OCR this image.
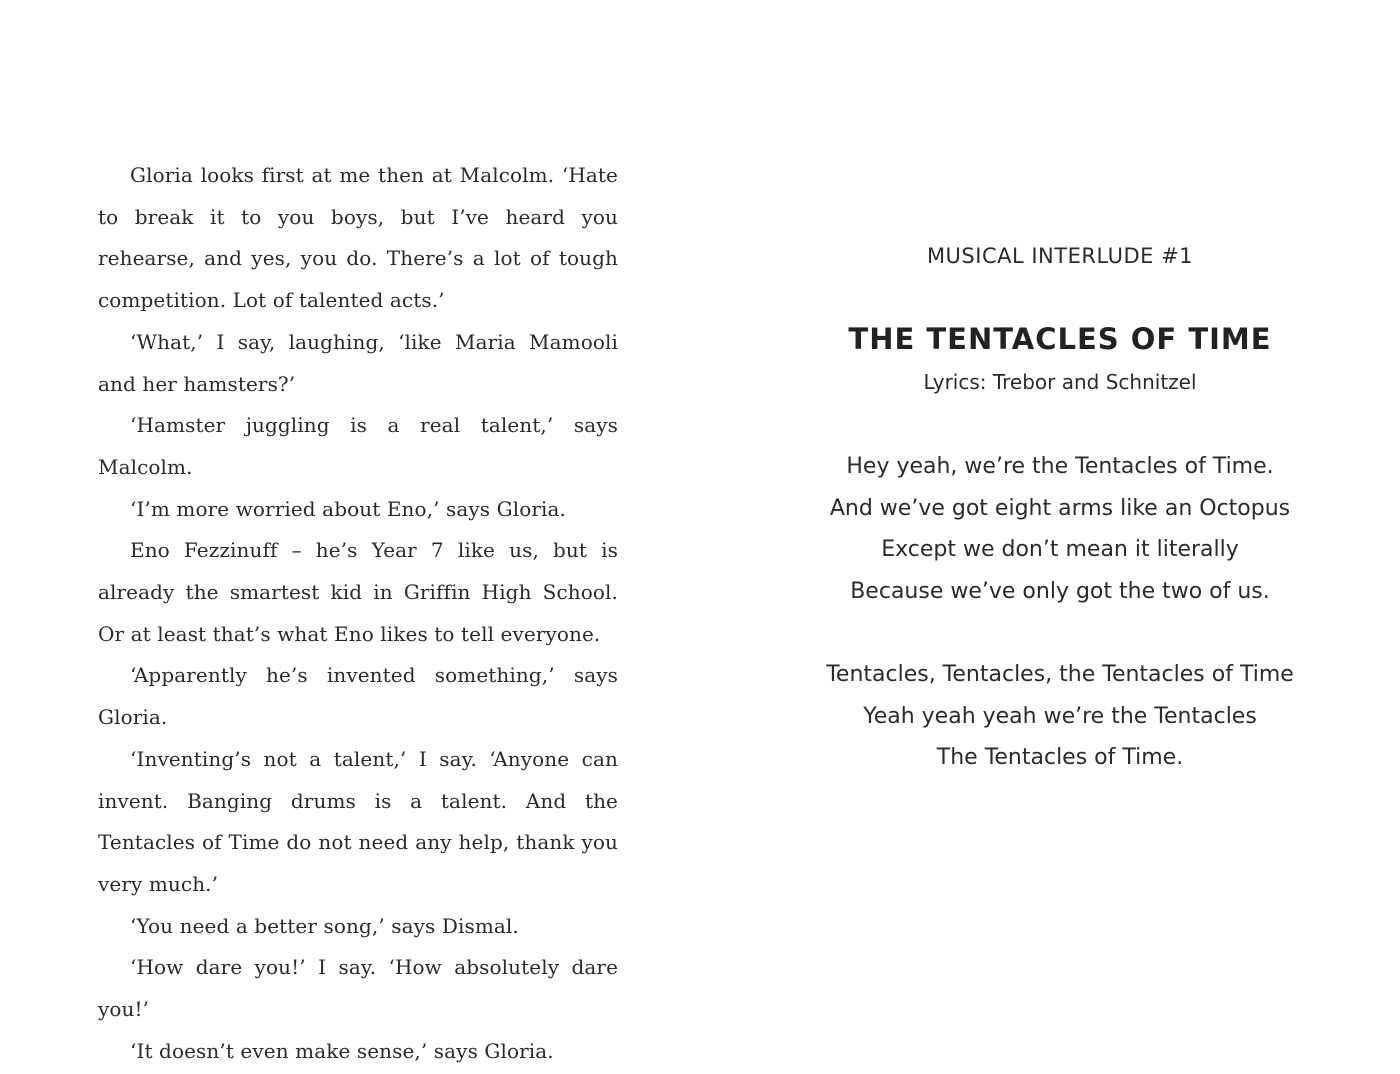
Gloria looks first at me then at Malcolm. ‘Hate to break it to you boys, but I’ve heard you rehearse, and yes, you do. There’s a lot of tough competition. Lot of talented acts.’

‘What,’ I say, laughing, ‘like Maria Mamooli and her hamsters?’

‘Hamster juggling is a real talent,’ says Malcolm.

‘I’m more worried about Eno,’ says Gloria.

Eno Fezzinuff – he’s Year 7 like us, but is already the smartest kid in Griffin High School. Or at least that’s what Eno likes to tell everyone.

‘Apparently he’s invented something,’ says Gloria.

‘Inventing’s not a talent,’ I say. ‘Anyone can invent. Banging drums is a talent. And the Tentacles of Time do not need any help, thank you very much.’

‘You need a better song,’ says Dismal.

‘How dare you!’ I say. ‘How absolutely dare you!’

‘It doesn’t even make sense,’ says Gloria.

MUSICAL INTERLUDE #1
THE TENTACLES OF TIME
Lyrics: Trebor and Schnitzel
Hey yeah, we’re the Tentacles of Time.
And we’ve got eight arms like an Octopus
Except we don’t mean it literally
Because we’ve only got the two of us.
Tentacles, Tentacles, the Tentacles of Time
Yeah yeah yeah we’re the Tentacles
The Tentacles of Time.
